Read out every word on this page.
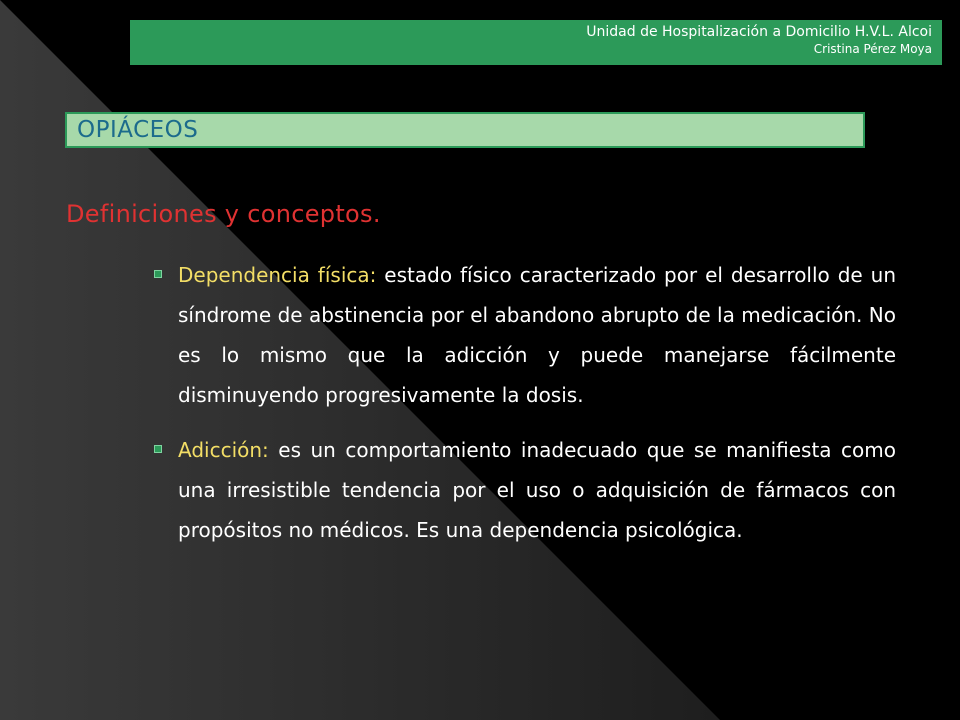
Unidad de Hospitalización a Domicilio H.V.L. Alcoi
Cristina Pérez Moya
OPIÁCEOS
Definiciones y conceptos.
Dependencia física: estado físico caracterizado por el desarrollo de un síndrome de abstinencia por el abandono abrupto de la medicación. No es lo mismo que la adicción y puede manejarse fácilmente disminuyendo progresivamente la dosis.
Adicción: es un comportamiento inadecuado que se manifiesta como una irresistible tendencia por el uso o adquisición de fármacos con propósitos no médicos. Es una dependencia psicológica.
